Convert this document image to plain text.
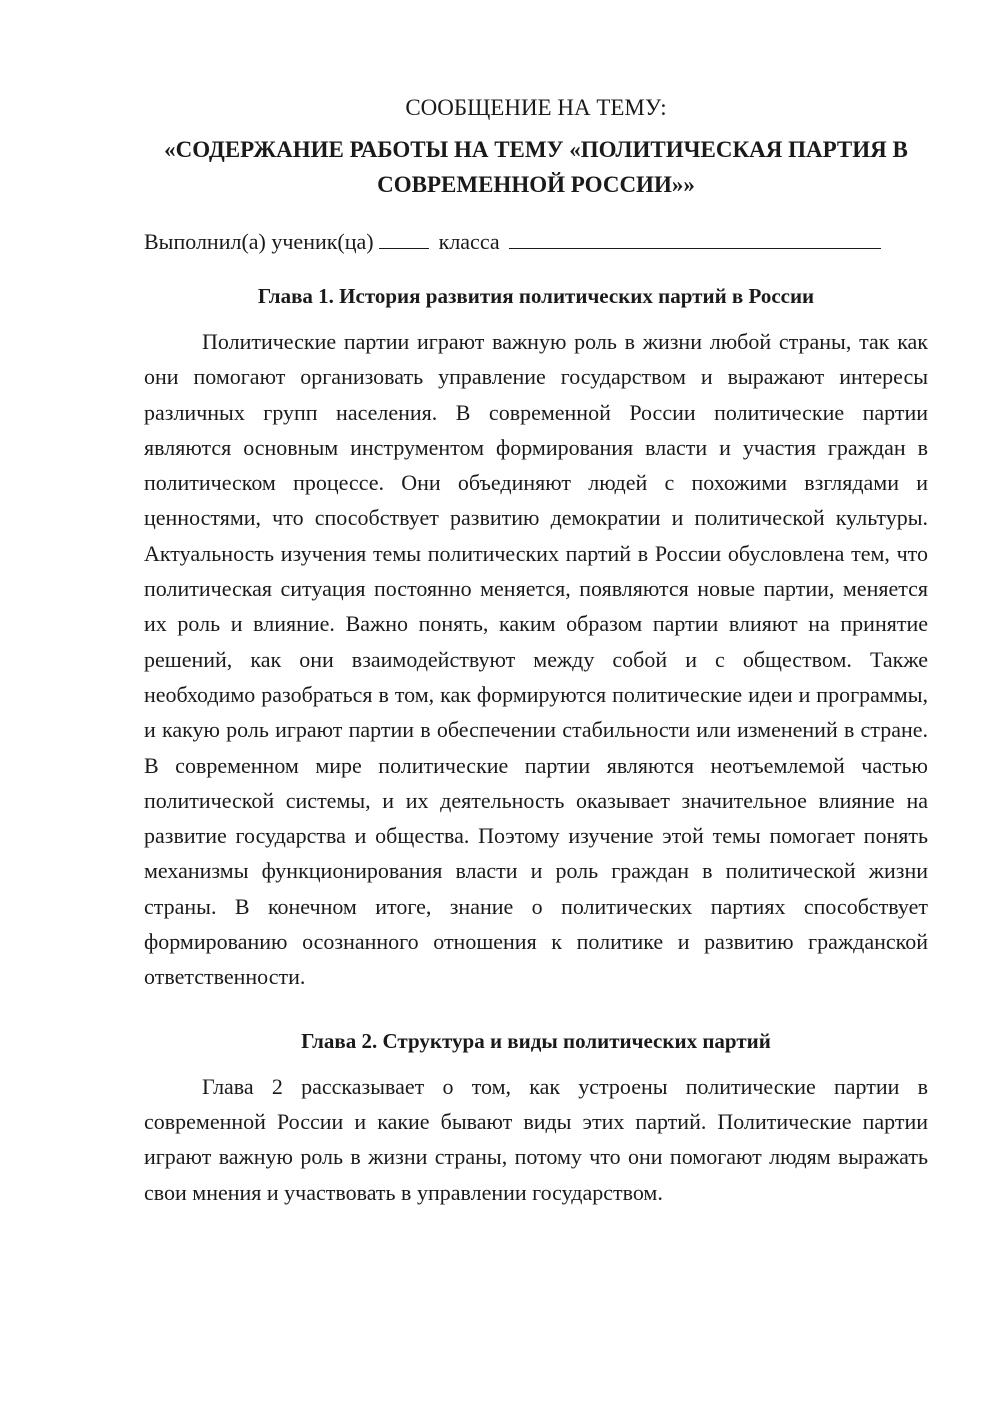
СООБЩЕНИЕ НА ТЕМУ:
«СОДЕРЖАНИЕ РАБОТЫ НА ТЕМУ «ПОЛИТИЧЕСКАЯ ПАРТИЯ В СОВРЕМЕННОЙ РОССИИ»»
Выполнил(а) ученик(ца)	класса
Глава 1. История развития политических партий в России

Политические партии играют важную роль в жизни любой страны, так как они помогают организовать управление государством и выражают интересы различных групп населения. В современной России политические партии являются основным инструментом формирования власти и участия граждан в политическом процессе. Они объединяют людей с похожими взглядами и ценностями, что способствует развитию демократии и политической культуры. Актуальность изучения темы политических партий в России обусловлена тем, что политическая ситуация постоянно меняется, появляются новые партии, меняется их роль и влияние. Важно понять, каким образом партии влияют на принятие решений, как они взаимодействуют между собой и с обществом. Также необходимо разобраться в том, как формируются политические идеи и программы, и какую роль играют партии в обеспечении стабильности или изменений в стране. В современном мире политические партии являются неотъемлемой частью политической системы, и их деятельность оказывает значительное влияние на развитие государства и общества. Поэтому изучение этой темы помогает понять механизмы функционирования власти и роль граждан в политической жизни страны. В конечном итоге, знание о политических партиях способствует формированию осознанного отношения к политике и развитию гражданской ответственности.

Глава 2. Структура и виды политических партий

Глава 2 рассказывает о том, как устроены политические партии в современной России и какие бывают виды этих партий. Политические партии играют важную роль в жизни страны, потому что они помогают людям выражать свои мнения и участвовать в управлении государством.
